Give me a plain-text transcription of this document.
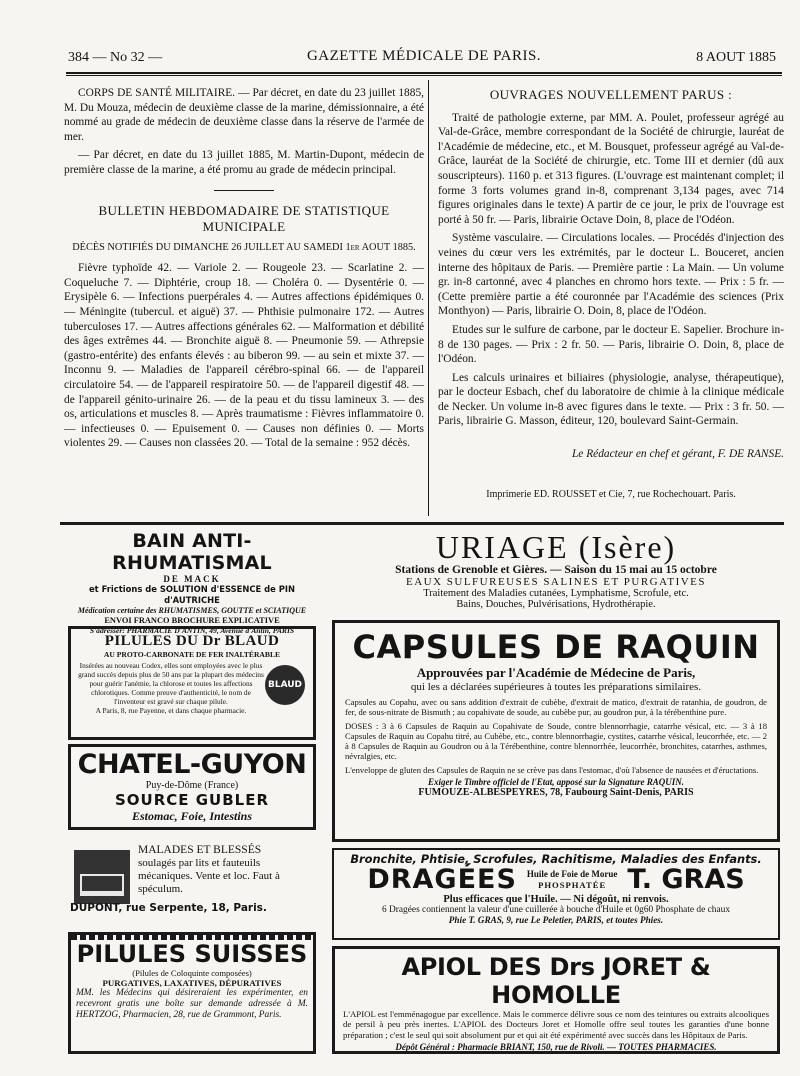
384 — No 32 —	GAZETTE MÉDICALE DE PARIS.	8 AOUT 1885

CORPS DE SANTÉ MILITAIRE. — Par décret, en date du 23 juillet 1885, M. Du Mouza, médecin de deuxième classe de la marine, démissionnaire, a été nommé au grade de médecin de deuxième classe dans la réserve de l'armée de mer.

— Par décret, en date du 13 juillet 1885, M. Martin-Dupont, médecin de première classe de la marine, a été promu au grade de médecin principal.

BULLETIN HEBDOMADAIRE DE STATISTIQUE MUNICIPALE

DÉCÈS NOTIFIÉS DU DIMANCHE 26 JUILLET AU SAMEDI 1er AOUT 1885.

Fièvre typhoïde 42. — Variole 2. — Rougeole 23. — Scarlatine 2. — Coqueluche 7. — Diphtérie, croup 18. — Choléra 0. — Dysentérie 0. — Erysipèle 6. — Infections puerpérales 4. — Autres affections épidémiques 0. — Méningite (tubercul. et aiguë) 37. — Phthisie pulmonaire 172. — Autres tuberculoses 17. — Autres affections générales 62. — Malformation et débilité des âges extrêmes 44. — Bronchite aiguë 8. — Pneumonie 59. — Athrepsie (gastro-entérite) des enfants élevés : au biberon 99. — au sein et mixte 37. — Inconnu 9. — Maladies de l'appareil cérébro-spinal 66. — de l'appareil circulatoire 54. — de l'appareil respiratoire 50. — de l'appareil digestif 48. — de l'appareil génito-urinaire 26. — de la peau et du tissu lamineux 3. — des os, articulations et muscles 8. — Après traumatisme : Fièvres inflammatoire 0. — infectieuses 0. — Epuisement 0. — Causes non définies 0. — Morts violentes 29. — Causes non classées 20. — Total de la semaine : 952 décès.

OUVRAGES NOUVELLEMENT PARUS :

Traité de pathologie externe, par MM. A. Poulet, professeur agrégé au Val-de-Grâce, membre correspondant de la Société de chirurgie, lauréat de l'Académie de médecine, etc., et M. Bousquet, professeur agrégé au Val-de-Grâce, lauréat de la Société de chirurgie, etc. Tome III et dernier (dû aux souscripteurs). 1160 p. et 313 figures. (L'ouvrage est maintenant complet; il forme 3 forts volumes grand in-8, comprenant 3,134 pages, avec 714 figures originales dans le texte) A partir de ce jour, le prix de l'ouvrage est porté à 50 fr. — Paris, librairie Octave Doin, 8, place de l'Odéon.

Système vasculaire. — Circulations locales. — Procédés d'injection des veines du cœur vers les extrémités, par le docteur L. Bouceret, ancien interne des hôpitaux de Paris. — Première partie : La Main. — Un volume gr. in-8 cartonné, avec 4 planches en chromo hors texte. — Prix : 5 fr. — (Cette première partie a été couronnée par l'Académie des sciences (Prix Monthyon) — Paris, librairie O. Doin, 8, place de l'Odéon.

Etudes sur le sulfure de carbone, par le docteur E. Sapelier. Brochure in-8 de 130 pages. — Prix : 2 fr. 50. — Paris, librairie O. Doin, 8, place de l'Odéon.

Les calculs urinaires et biliaires (physiologie, analyse, thérapeutique), par le docteur Esbach, chef du laboratoire de chimie à la clinique médicale de Necker. Un volume in-8 avec figures dans le texte. — Prix : 3 fr. 50. — Paris, librairie G. Masson, éditeur, 120, boulevard Saint-Germain.

Le Rédacteur en chef et gérant, F. DE RANSE.

Imprimerie ED. ROUSSET et Cie, 7, rue Rochechouart. Paris.

BAIN ANTI-RHUMATISMAL
DE MACK
et Frictions de SOLUTION d'ESSENCE de PIN d'AUTRICHE
Médication certaine des RHUMATISMES, GOUTTE et SCIATIQUE
ENVOI FRANCO BROCHURE EXPLICATIVE
S'adresser: PHARMACIE D'ANTIN, 49, Avenue d'Antin, PARIS
PILULES DU Dr BLAUD
AU PROTO-CARBONATE DE FER INALTÉRABLE
Insérées au nouveau Codex, elles sont employées avec le plus grand succès depuis plus de 50 ans par la plupart des médecins pour guérir l'anémie, la chlorose et toutes les affections chlorotiques. Comme preuve d'authenticité, le nom de l'inventeur est gravé sur chaque pilule.
A Paris, 8, rue Payenne, et dans chaque pharmacie.
BLAUD
CHATEL-GUYON
Puy-de-Dôme (France)
SOURCE GUBLER
Estomac, Foie, Intestins
MALADES ET BLESSÉS
soulagés par lits et fauteuils mécaniques. Vente et loc. Faut à spéculum.
DUPONT, rue Serpente, 18, Paris.
PILULES SUISSES
(Pilules de Coloquinte composées)
PURGATIVES, LAXATIVES, DÉPURATIVES
MM. les Médecins qui désireraient les expérimenter, en recevront gratis une boîte sur demande adressée à M. HERTZOG, Pharmacien, 28, rue de Grammont, Paris.
URIAGE (Isère)
Stations de Grenoble et Gières. — Saison du 15 mai au 15 octobre
EAUX SULFUREUSES SALINES ET PURGATIVES
Traitement des Maladies cutanées, Lymphatisme, Scrofule, etc.
Bains, Douches, Pulvérisations, Hydrothérapie.
CAPSULES DE RAQUIN
Approuvées par l'Académie de Médecine de Paris,
qui les a déclarées supérieures à toutes les préparations similaires.
Capsules au Copahu, avec ou sans addition d'extrait de cubèbe, d'extrait de matico, d'extrait de ratanhia, de goudron, de fer, de sous-nitrate de Bismuth ; au copahivate de soude, au cubèbe pur, au goudron pur, à la térébenthine pure.
DOSES : 3 à 6 Capsules de Raquin au Copahivate de Soude, contre blennorrhagie, catarrhe vésical, etc. — 3 à 18 Capsules de Raquin au Copahu titré, au Cubèbe, etc., contre blennorrhagie, cystites, catarrhe vésical, leucorrhée, etc. — 2 à 8 Capsules de Raquin au Goudron ou à la Térébenthine, contre blennorrhée, leucorrhée, bronchites, catarrhes, asthmes, névralgies, etc.
L'enveloppe de gluten des Capsules de Raquin ne se crève pas dans l'estomac, d'où l'absence de nausées et d'éructations.
Exiger le Timbre officiel de l'Etat, apposé sur la Signature RAQUIN.
FUMOUZE-ALBESPEYRES, 78, Faubourg Saint-Denis, PARIS
Bronchite, Phtisie, Scrofules, Rachitisme, Maladies des Enfants.
DRAGÉES Huile de Foie de Morue
PHOSPHATÉE T. GRAS
Plus efficaces que l'Huile. — Ni dégoût, ni renvois.
6 Dragées contiennent la valeur d'une cuillerée à bouche d'Huile et 0g60 Phosphate de chaux
Phie T. GRAS, 9, rue Le Peletier, PARIS, et toutes Phies.
APIOL DES Drs JORET & HOMOLLE
L'APIOL est l'emménagogue par excellence. Mais le commerce délivre sous ce nom des teintures ou extraits alcooliques de persil à peu près inertes. L'APIOL des Docteurs Joret et Homolle offre seul toutes les garanties d'une bonne préparation ; c'est le seul qui soit absolument pur et qui ait été expérimenté avec succès dans les Hôpitaux de Paris.
Dépôt Général : Pharmacie BRIANT, 150, rue de Rivoli. — TOUTES PHARMACIES.
